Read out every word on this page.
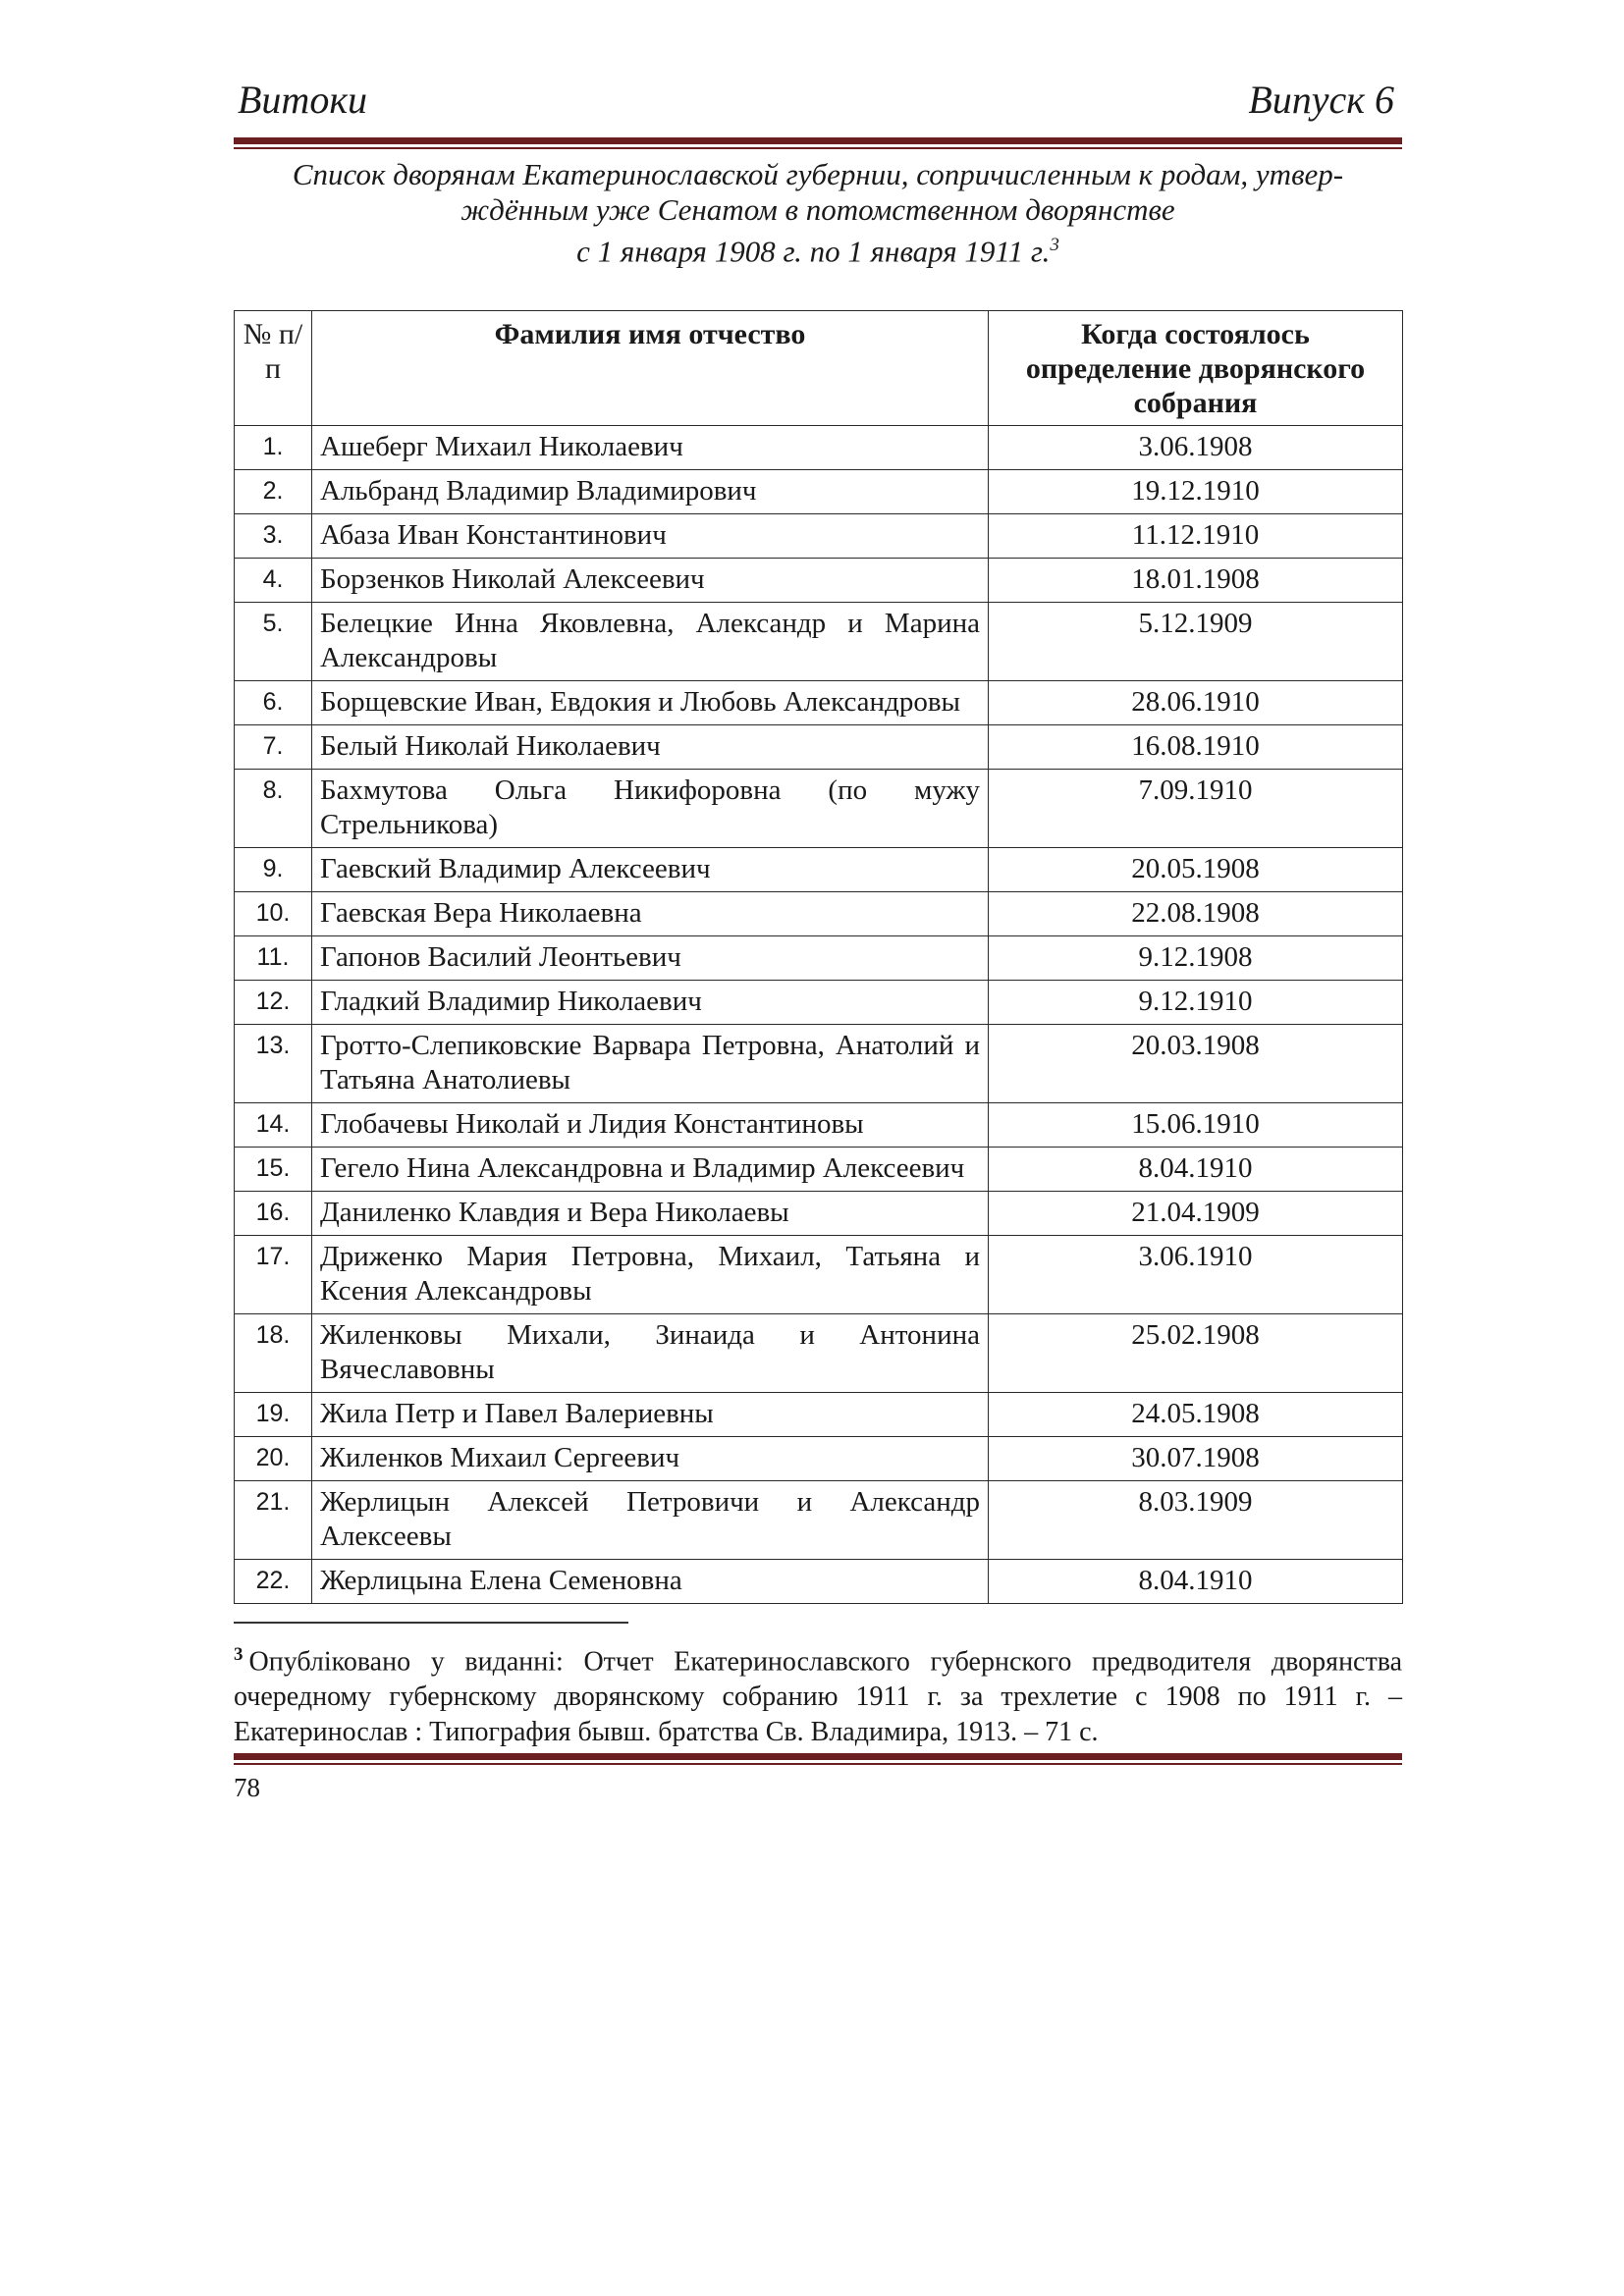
Витоки	Випуск 6
Список дворянам Екатеринославской губернии, сопричисленным к родам, утвер-
ждённым уже Сенатом в потомственном дворянстве
с 1 января 1908 г. по 1 января 1911 г.$^3$
№ п/п	Фамилия имя отчество	Когда состоялось определение дворянского собрания
1.	Ашеберг Михаил Николаевич	3.06.1908
2.	Альбранд Владимир Владимирович	19.12.1910
3.	Абаза Иван Константинович	11.12.1910
4.	Борзенков Николай Алексеевич	18.01.1908
5.	Белецкие Инна Яковлевна, Александр и Марина Александровы	5.12.1909
6.	Борщевские Иван, Евдокия и Любовь Александровы	28.06.1910
7.	Белый Николай Николаевич	16.08.1910
8.	Бахмутова Ольга Никифоровна (по мужу Стрельникова)	7.09.1910
9.	Гаевский Владимир Алексеевич	20.05.1908
10.	Гаевская Вера Николаевна	22.08.1908
11.	Гапонов Василий Леонтьевич	9.12.1908
12.	Гладкий Владимир Николаевич	9.12.1910
13.	Гротто-Слепиковские Варвара Петровна, Анатолий и Татьяна Анатолиевы	20.03.1908
14.	Глобачевы Николай и Лидия Константиновы	15.06.1910
15.	Гегело Нина Александровна и Владимир Алексеевич	8.04.1910
16.	Даниленко Клавдия и Вера Николаевы	21.04.1909
17.	Дриженко Мария Петровна, Михаил, Татьяна и Ксения Александровы	3.06.1910
18.	Жиленковы Михали, Зинаида и Антонина Вячеславовны	25.02.1908
19.	Жила Петр и Павел Валериевны	24.05.1908
20.	Жиленков Михаил Сергеевич	30.07.1908
21.	Жерлицын Алексей Петровичи и Александр Алексеевы	8.03.1909
22.	Жерлицына Елена Семеновна	8.04.1910
$^3$ Опубліковано у виданні: Отчет Екатеринославского губернского предводителя дворянства очередному губернскому дворянскому собранию 1911 г. за трехлетие с 1908 по 1911 г. – Екатеринослав : Типография бывш. братства Св. Владимира, 1913. – 71 с.
78
